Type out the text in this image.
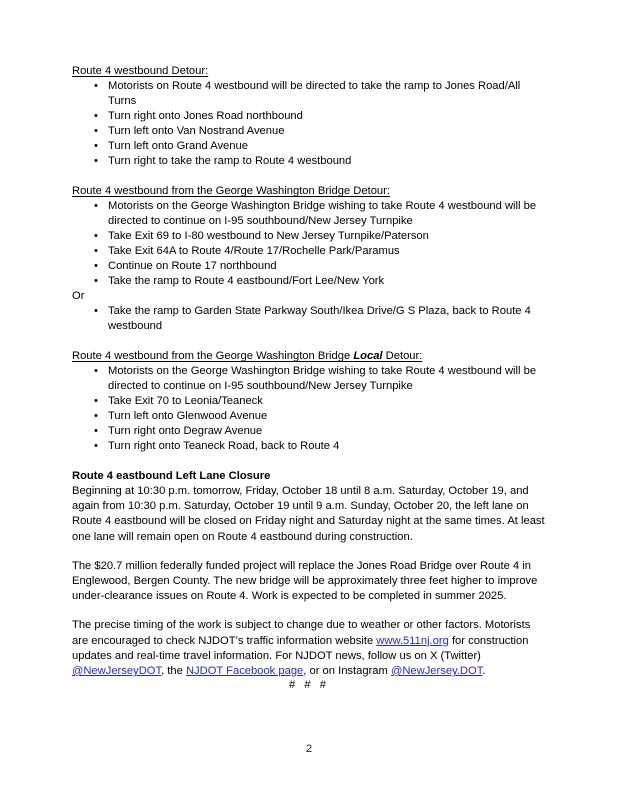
Route 4 westbound Detour:
• Motorists on Route 4 westbound will be directed to take the ramp to Jones Road/All Turns
• Turn right onto Jones Road northbound
• Turn left onto Van Nostrand Avenue
• Turn left onto Grand Avenue
• Turn right to take the ramp to Route 4 westbound
Route 4 westbound from the George Washington Bridge Detour:
• Motorists on the George Washington Bridge wishing to take Route 4 westbound will be directed to continue on I-95 southbound/New Jersey Turnpike
• Take Exit 69 to I-80 westbound to New Jersey Turnpike/Paterson
• Take Exit 64A to Route 4/Route 17/Rochelle Park/Paramus
• Continue on Route 17 northbound
• Take the ramp to Route 4 eastbound/Fort Lee/New York
Or
• Take the ramp to Garden State Parkway South/Ikea Drive/G S Plaza, back to Route 4 westbound
Route 4 westbound from the George Washington Bridge Local Detour:
• Motorists on the George Washington Bridge wishing to take Route 4 westbound will be directed to continue on I-95 southbound/New Jersey Turnpike
• Take Exit 70 to Leonia/Teaneck
• Turn left onto Glenwood Avenue
• Turn right onto Degraw Avenue
• Turn right onto Teaneck Road, back to Route 4
Route 4 eastbound Left Lane Closure

Beginning at 10:30 p.m. tomorrow, Friday, October 18 until 8 a.m. Saturday, October 19, and again from 10:30 p.m. Saturday, October 19 until 9 a.m. Sunday, October 20, the left lane on Route 4 eastbound will be closed on Friday night and Saturday night at the same times. At least one lane will remain open on Route 4 eastbound during construction.

The $20.7 million federally funded project will replace the Jones Road Bridge over Route 4 in Englewood, Bergen County. The new bridge will be approximately three feet higher to improve under-clearance issues on Route 4. Work is expected to be completed in summer 2025.

The precise timing of the work is subject to change due to weather or other factors. Motorists are encouraged to check NJDOT’s traffic information website www.511nj.org for construction updates and real-time travel information. For NJDOT news, follow us on X (Twitter) @NewJerseyDOT, the NJDOT Facebook page, or on Instagram @NewJersey.DOT.

# # #
2
